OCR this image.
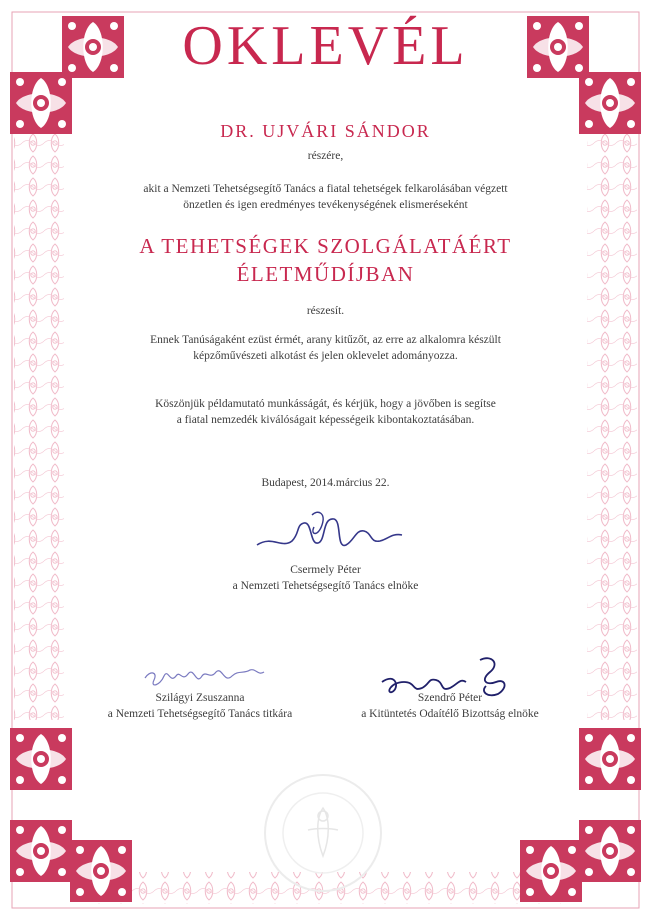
OKLEVÉL
DR. UJVÁRI SÁNDOR
részére,
akit a Nemzeti Tehetségsegítő Tanács a fiatal tehetségek felkarolásában végzett
önzetlen és igen eredményes tevékenységének elismeréseként
A TEHETSÉGEK SZOLGÁLATÁÉRT
ÉLETMŰDÍJBAN
részesít.
Ennek Tanúságaként ezüst érmét, arany kitűzőt, az erre az alkalomra készült
képzőművészeti alkotást és jelen oklevelet adományozza.
Köszönjük példamutató munkásságát, és kérjük, hogy a jövőben is segítse
a fiatal nemzedék kiválóságait képességeik kibontakoztatásában.
Budapest, 2014.március 22.
Csermely Péter
a Nemzeti Tehetségsegítő Tanács elnöke
Szilágyi Zsuszanna
a Nemzeti Tehetségsegítő Tanács titkára
Szendrő Péter
a Kitüntetés Odaítélő Bizottság elnöke
